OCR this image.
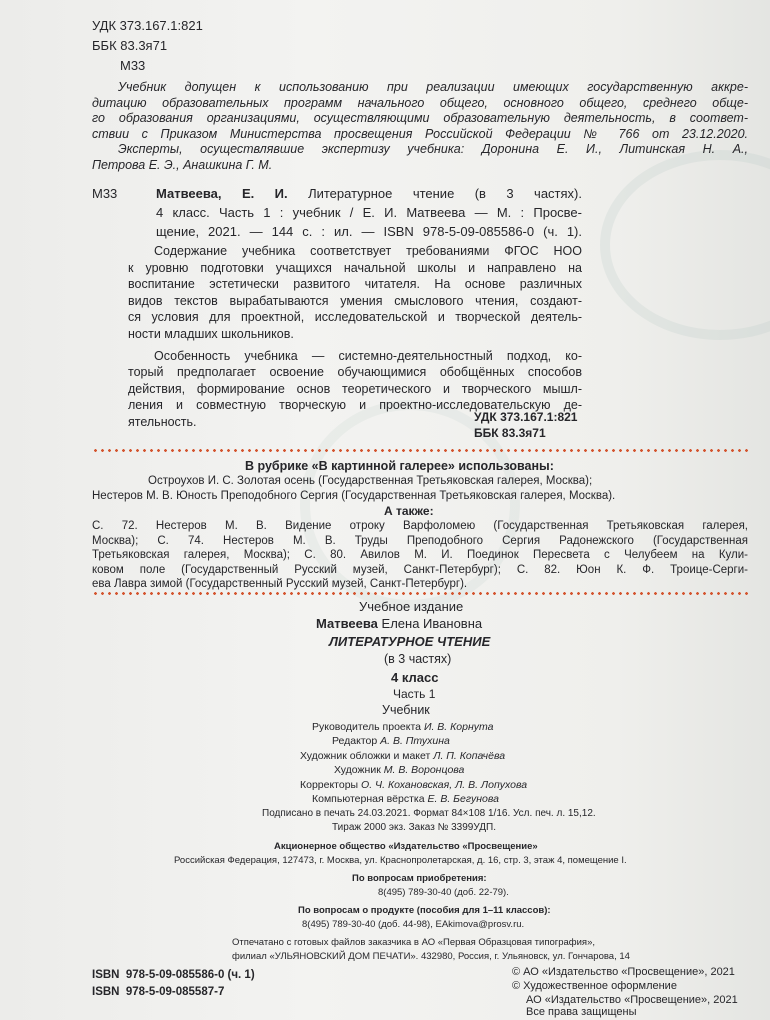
УДК 373.167.1:821
ББК 83.3я71
М33
Учебник допущен к использованию при реализации имеющих государственную аккре-
дитацию образовательных программ начального общего, основного общего, среднего обще-
го образования организациями, осуществляющими образовательную деятельность, в соответ-
ствии с Приказом Министерства просвещения Российской Федерации № 766 от 23.12.2020.
Эксперты, осуществлявшие экспертизу учебника: Доронина Е. И., Литинская Н. А.,
Петрова Е. Э., Анашкина Г. М.
М33	Матвеева, Е. И. Литературное чтение (в 3 частях).
4 класс. Часть 1 : учебник / Е. И. Матвеева — М. : Просве-
щение, 2021. — 144 с. : ил. — ISBN 978-5-09-085586-0 (ч. 1).
Содержание учебника соответствует требованиями ФГОС НОО
к уровню подготовки учащихся начальной школы и направлено на
воспитание эстетически развитого читателя. На основе различных
видов текстов вырабатываются умения смыслового чтения, создают-
ся условия для проектной, исследовательской и творческой деятель-
ности младших школьников.
Особенность учебника — системно-деятельностный подход, ко-
торый предполагает освоение обучающимися обобщённых способов
действия, формирование основ теоретического и творческого мышл-
ления и совместную творческую и проектно-исследовательскую де-
ятельность.	УДК 373.167.1:821
ББК 83.3я71
В рубрике «В картинной галерее» использованы:
Остроухов И. С. Золотая осень (Государственная Третьяковская галерея, Москва);
Нестеров М. В. Юность Преподобного Сергия (Государственная Третьяковская галерея, Москва).
А также:
С. 72. Нестеров М. В. Видение отроку Варфоломею (Государственная Третьяковская галерея,
Москва); С. 74. Нестеров М. В. Труды Преподобного Сергия Радонежского (Государственная
Третьяковская галерея, Москва); С. 80. Авилов М. И. Поединок Пересвета с Челубеем на Кули-
ковом поле (Государственный Русский музей, Санкт-Петербург); С. 82. Юон К. Ф. Троице-Серги-
ева Лавра зимой (Государственный Русский музей, Санкт-Петербург).
Учебное издание
Матвеева Елена Ивановна
ЛИТЕРАТУРНОЕ ЧТЕНИЕ
(в 3 частях)
4 класс
Часть 1
Учебник
Руководитель проекта И. В. Корнута
Редактор А. В. Птухина
Художник обложки и макет Л. П. Копачёва
Художник М. В. Воронцова
Корректоры О. Ч. Кохановская, Л. В. Лопухова
Компьютерная вёрстка Е. В. Бегунова
Подписано в печать 24.03.2021. Формат 84×108 1/16. Усл. печ. л. 15,12.
Тираж 2000 экз. Заказ № 3399УДП.
Акционерное общество «Издательство «Просвещение»
Российская Федерация, 127473, г. Москва, ул. Краснопролетарская, д. 16, стр. 3, этаж 4, помещение I.
По вопросам приобретения:
8(495) 789-30-40 (доб. 22-79).
По вопросам о продукте (пособия для 1–11 классов):
8(495) 789-30-40 (доб. 44-98), EAkimova@prosv.ru.
Отпечатано с готовых файлов заказчика в АО «Первая Образцовая типография»,
филиал «УЛЬЯНОВСКИЙ ДОМ ПЕЧАТИ». 432980, Россия, г. Ульяновск, ул. Гончарова, 14
ISBN 978-5-09-085586-0 (ч. 1)
ISBN 978-5-09-085587-7
© АО «Издательство «Просвещение», 2021
© Художественное оформление
АО «Издательство «Просвещение», 2021
Все права защищены
